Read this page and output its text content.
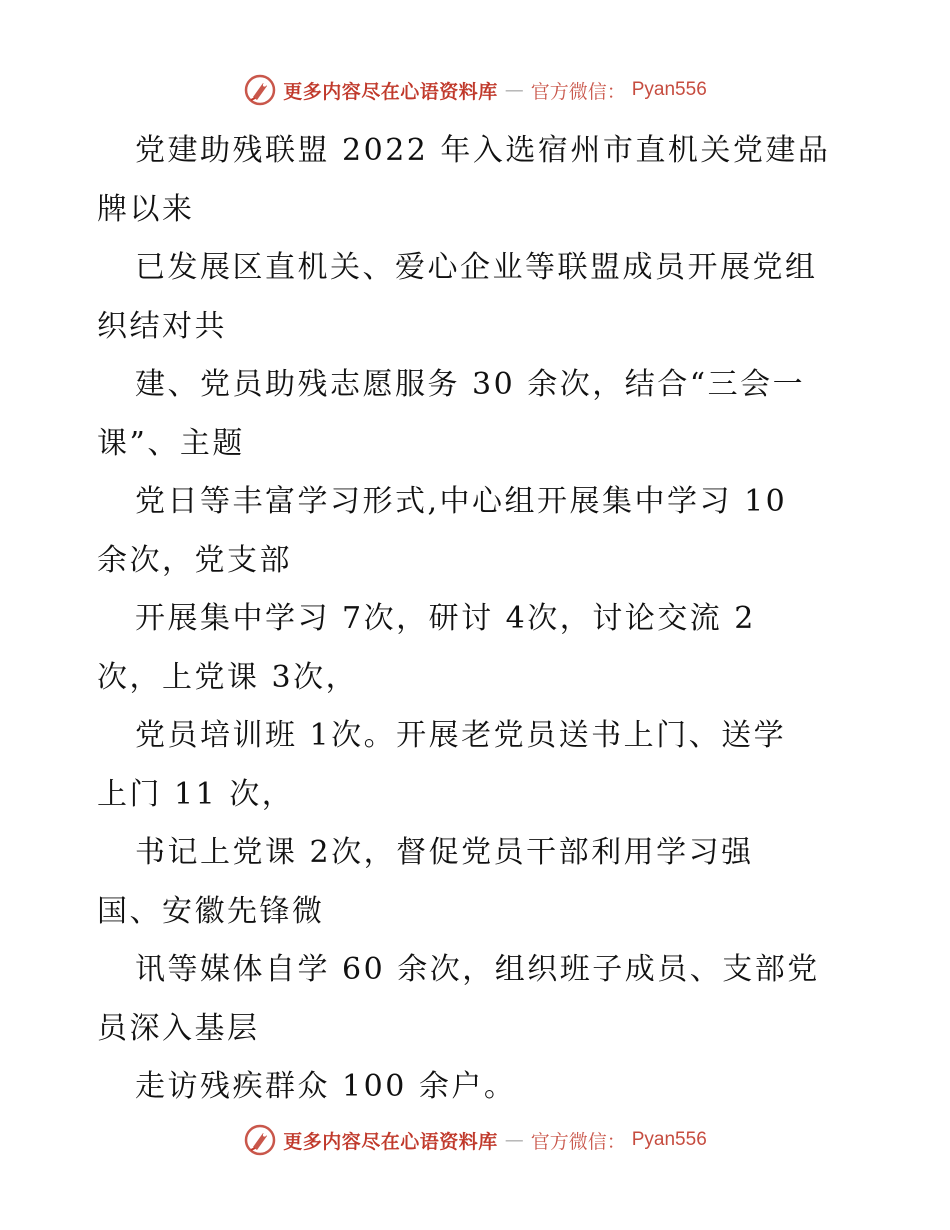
更多内容尽在心语资料库 — 官方微信： Pyan556
党建助残联盟 2022 年入选宿州市直机关党建品
牌以来
已发展区直机关、爱心企业等联盟成员开展党组
织结对共
建、党员助残志愿服务 30 余次，结合“三会一
课”、主题
党日等丰富学习形式,中心组开展集中学习 10
余次，党支部
开展集中学习 7次，研讨 4次，讨论交流 2
次，上党课 3次，
党员培训班 1次。开展老党员送书上门、送学
上门 11 次，
书记上党课 2次，督促党员干部利用学习强
国、安徽先锋微
讯等媒体自学 60 余次，组织班子成员、支部党
员深入基层
走访残疾群众 100 余户。
更多内容尽在心语资料库 — 官方微信： Pyan556
